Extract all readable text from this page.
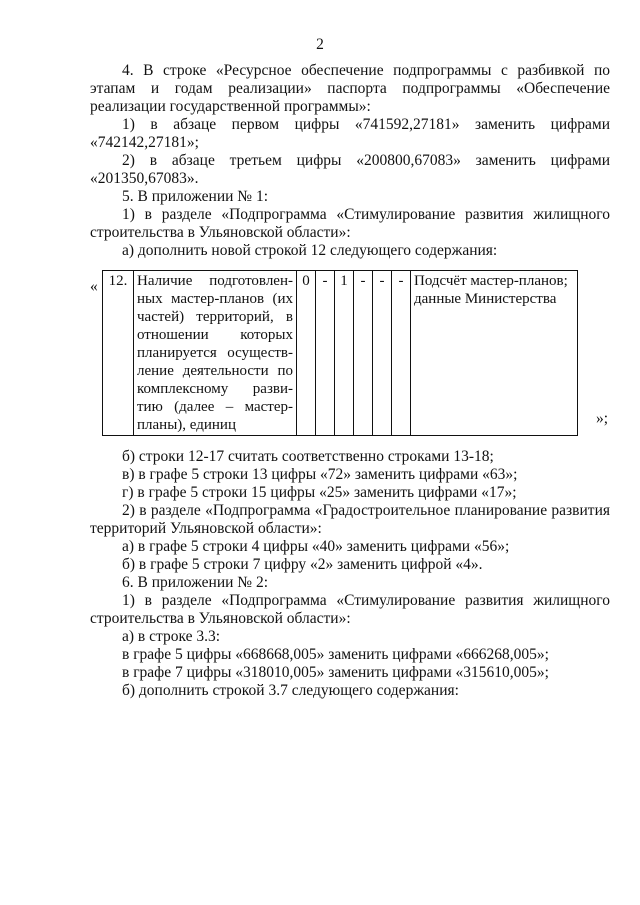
2

4. В строке «Ресурсное обеспечение подпрограммы с разбивкой по этапам и годам реализации» паспорта подпрограммы «Обеспечение реализации государственной программы»:

1) в абзаце первом цифры «741592,27181» заменить цифрами «742142,27181»;

2) в абзаце третьем цифры «200800,67083» заменить цифрами «201350,67083».

5. В приложении № 1:

1) в разделе «Подпрограмма «Стимулирование развития жилищного строительства в Ульяновской области»:

а) дополнить новой строкой 12 следующего содержания:

« 12.	Наличие подготовлен-ных мастер-планов (их частей) территорий, в отношении которых планируется осуществ-ление деятельности по комплексному разви-тию (далее – мастер-планы), единиц	0	-	1	-	-	-	Подсчёт мастер-планов; данные Министерства
»;

б) строки 12-17 считать соответственно строками 13-18;

в) в графе 5 строки 13 цифры «72» заменить цифрами «63»;

г) в графе 5 строки 15 цифры «25» заменить цифрами «17»;

2) в разделе «Подпрограмма «Градостроительное планирование развития территорий Ульяновской области»:

а) в графе 5 строки 4 цифры «40» заменить цифрами «56»;

б) в графе 5 строки 7 цифру «2» заменить цифрой «4».

6. В приложении № 2:

1) в разделе «Подпрограмма «Стимулирование развития жилищного строительства в Ульяновской области»:

а) в строке 3.3:

в графе 5 цифры «668668,005» заменить цифрами «666268,005»;

в графе 7 цифры «318010,005» заменить цифрами «315610,005»;

б) дополнить строкой 3.7 следующего содержания:
